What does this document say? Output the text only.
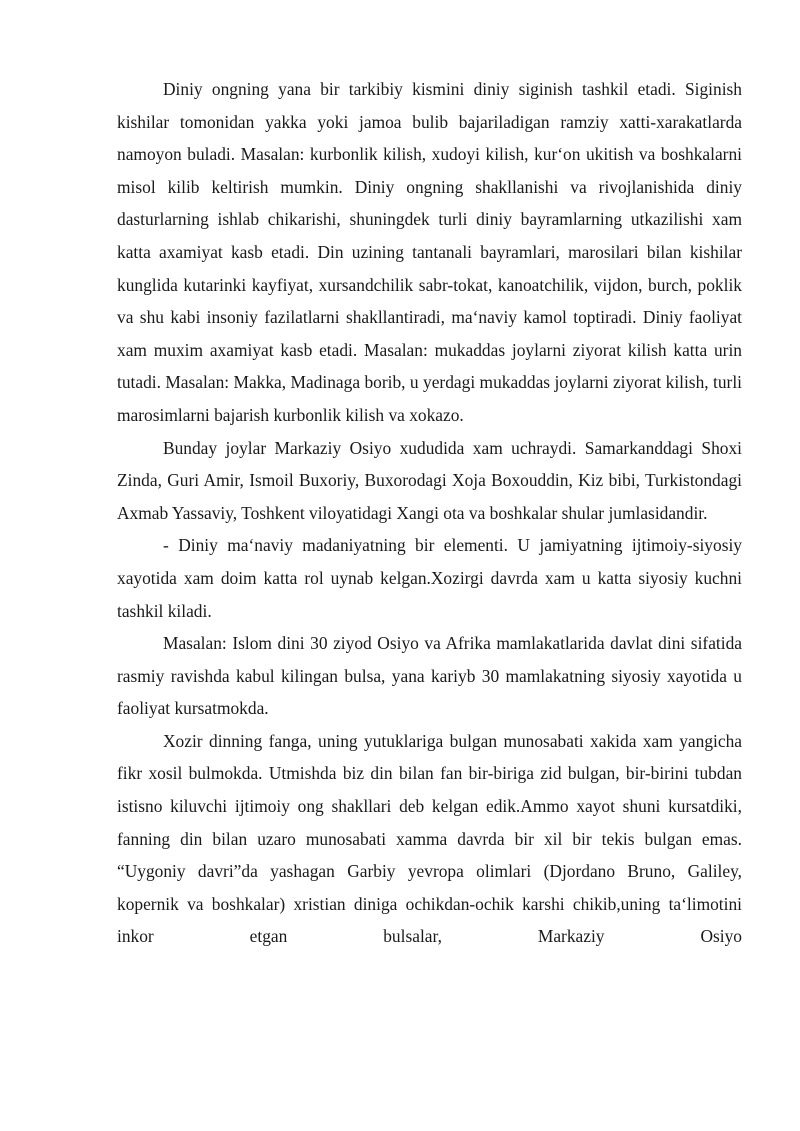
Diniy ongning yana bir tarkibiy kismini diniy siginish tashkil etadi. Siginish kishilar tomonidan yakka yoki jamoa bulib bajariladigan ramziy xatti-xarakatlarda namoyon buladi. Masalan: kurbonlik kilish, xudoyi kilish, kur‘on ukitish va boshkalarni misol kilib keltirish mumkin. Diniy ongning shakllanishi va rivojlanishida diniy dasturlarning ishlab chikarishi, shuningdek turli diniy bayramlarning utkazilishi xam katta axamiyat kasb etadi. Din uzining tantanali bayramlari, marosilari bilan kishilar kunglida kutarinki kayfiyat, xursandchilik sabr-tokat, kanoatchilik, vijdon, burch, poklik va shu kabi insoniy fazilatlarni shakllantiradi, ma‘naviy kamol toptiradi. Diniy faoliyat xam muxim axamiyat kasb etadi. Masalan: mukaddas joylarni ziyorat kilish katta urin tutadi. Masalan: Makka, Madinaga borib, u yerdagi mukaddas joylarni ziyorat kilish, turli marosimlarni bajarish kurbonlik kilish va xokazo.

Bunday joylar Markaziy Osiyo xududida xam uchraydi. Samarkanddagi Shoxi Zinda, Guri Amir, Ismoil Buxoriy, Buxorodagi Xoja Boxouddin, Kiz bibi, Turkistondagi Axmab Yassaviy, Toshkent viloyatidagi Xangi ota va boshkalar shular jumlasidandir.

- Diniy ma‘naviy madaniyatning bir elementi. U jamiyatning ijtimoiy-siyosiy xayotida xam doim katta rol uynab kelgan.Xozirgi davrda xam u katta siyosiy kuchni tashkil kiladi.

Masalan: Islom dini 30 ziyod Osiyo va Afrika mamlakatlarida davlat dini sifatida rasmiy ravishda kabul kilingan bulsa, yana kariyb 30 mamlakatning siyosiy xayotida u faoliyat kursatmokda.

Xozir dinning fanga, uning yutuklariga bulgan munosabati xakida xam yangicha fikr xosil bulmokda. Utmishda biz din bilan fan bir-biriga zid bulgan, bir-birini tubdan istisno kiluvchi ijtimoiy ong shakllari deb kelgan edik.Ammo xayot shuni kursatdiki, fanning din bilan uzaro munosabati xamma davrda bir xil bir tekis bulgan emas. “Uygoniy davri”da yashagan Garbiy yevropa olimlari (Djordano Bruno, Galiley, kopernik va boshkalar) xristian diniga ochikdan-ochik karshi chikib,uning ta‘limotini inkor etgan bulsalar, Markaziy Osiyo
